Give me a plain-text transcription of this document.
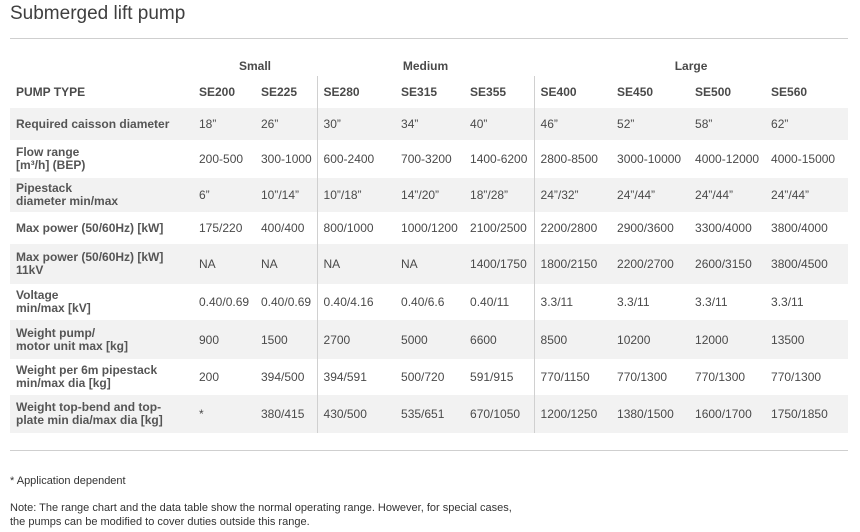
Submerged lift pump
	Small		Medium			Large			
PUMP TYPE	SE200	SE225	SE280	SE315	SE355	SE400	SE450	SE500	SE560
Required caisson diameter	18”	26”	30”	34”	40”	46”	52”	58”	62”
Flow range
[m³/h] (BEP)	200-500	300-1000	600-2400	700-3200	1400-6200	2800-8500	3000-10000	4000-12000	4000-15000
Pipestack
diameter min/max	6”	10”/14”	10”/18”	14”/20”	18”/28”	24”/32”	24”/44”	24”/44”	24”/44”
Max power (50/60Hz) [kW]	175/220	400/400	800/1000	1000/1200	2100/2500	2200/2800	2900/3600	3300/4000	3800/4000
Max power (50/60Hz) [kW]
11kV	NA	NA	NA	NA	1400/1750	1800/2150	2200/2700	2600/3150	3800/4500
Voltage
min/max [kV]	0.40/0.69	0.40/0.69	0.40/4.16	0.40/6.6	0.40/11	3.3/11	3.3/11	3.3/11	3.3/11
Weight pump/
motor unit max [kg]	900	1500	2700	5000	6600	8500	10200	12000	13500
Weight per 6m pipestack
min/max dia [kg]	200	394/500	394/591	500/720	591/915	770/1150	770/1300	770/1300	770/1300
Weight top-bend and top-
plate min dia/max dia [kg]	*	380/415	430/500	535/651	670/1050	1200/1250	1380/1500	1600/1700	1750/1850

* Application dependent

Note: The range chart and the data table show the normal operating range. However, for special cases,
the pumps can be modified to cover duties outside this range.
